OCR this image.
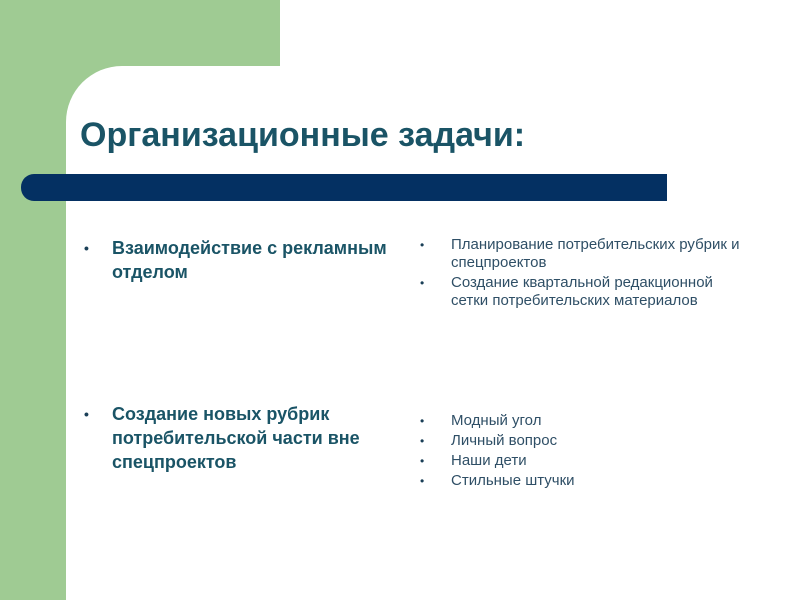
Организационные задачи:
• Взаимодействие с рекламным отделом
• Планирование потребительских рубрик и спецпроектов
• Создание квартальной редакционной сетки потребительских материалов
• Создание новых рубрик потребительской части вне спецпроектов
• Модный угол
• Личный вопрос
• Наши дети
• Стильные штучки
